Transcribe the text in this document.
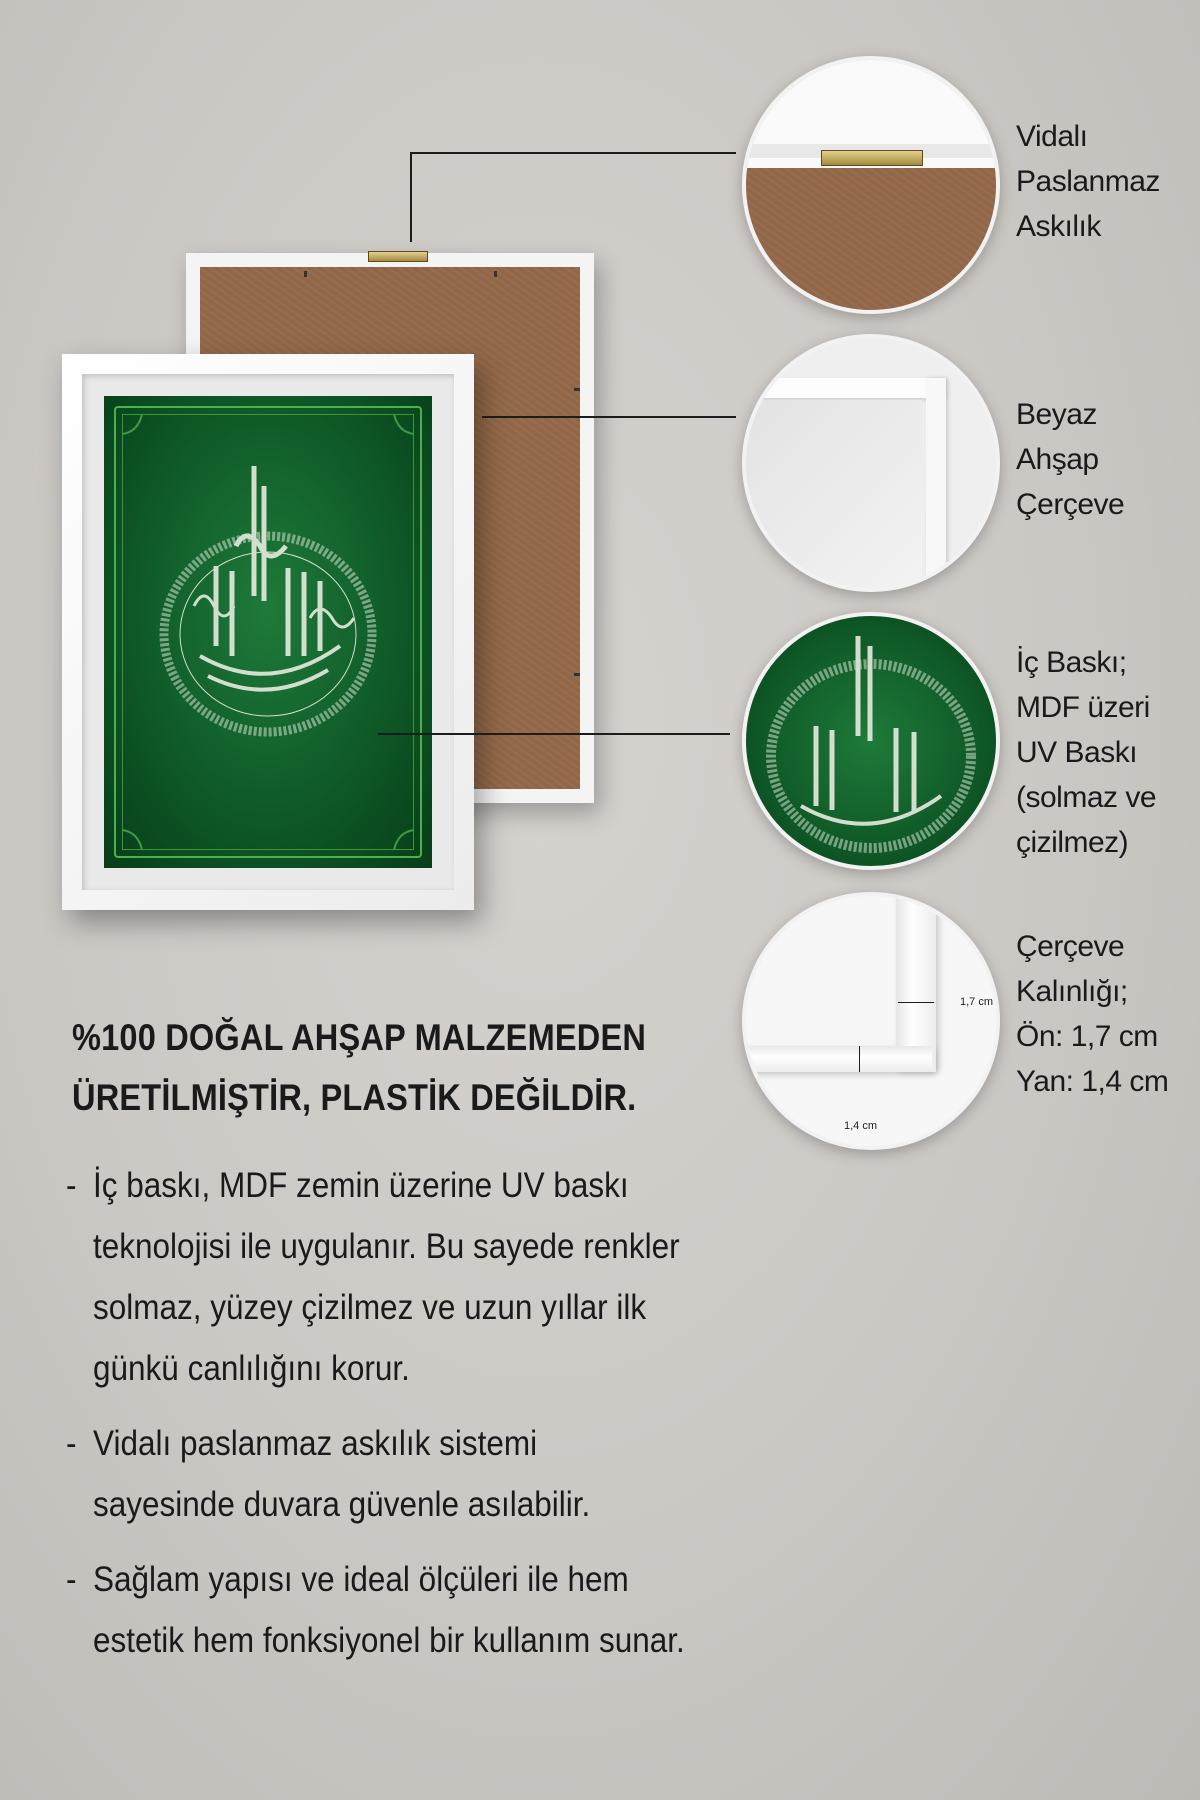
1,7 cm
1,4 cm
Vidalı
Paslanmaz
Askılık
Beyaz
Ahşap
Çerçeve
İç Baskı;
MDF üzeri
UV Baskı
(solmaz ve
çizilmez)
Çerçeve
Kalınlığı;
Ön: 1,7 cm
Yan: 1,4 cm
%100 DOĞAL AHŞAP MALZEMEDEN
ÜRETİLMİŞTİR, PLASTİK DEĞİLDİR.
- İç baskı, MDF zemin üzerine UV baskı teknolojisi ile uygulanır. Bu sayede renkler solmaz, yüzey çizilmez ve uzun yıllar ilk günkü canlılığını korur.
- Vidalı paslanmaz askılık sistemi sayesinde duvara güvenle asılabilir.
- Sağlam yapısı ve ideal ölçüleri ile hem estetik hem fonksiyonel bir kullanım sunar.
